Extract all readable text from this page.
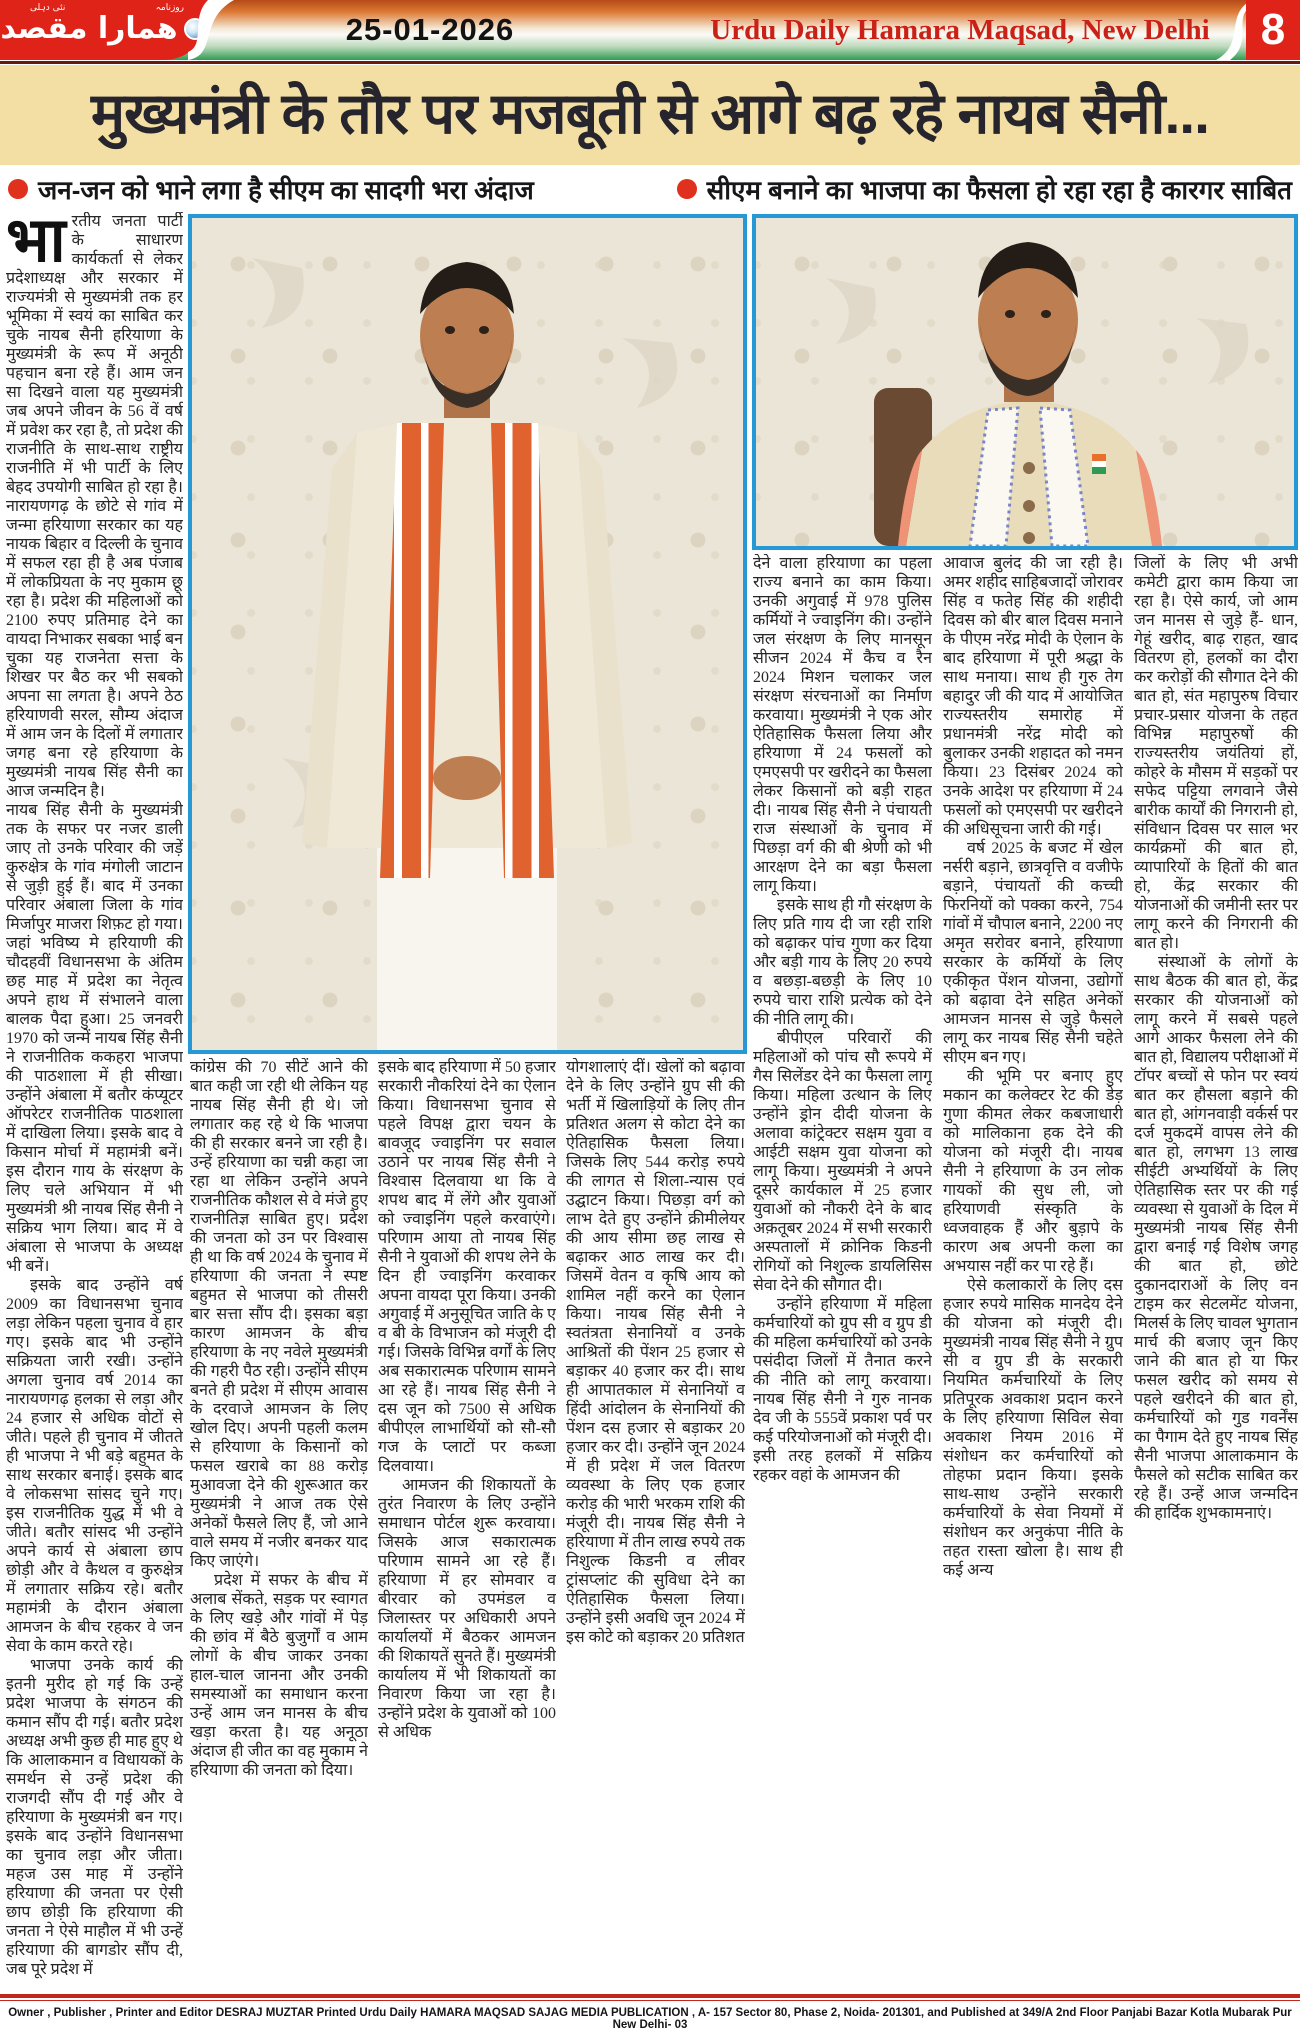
روزنامہ
نئی دہلی
ھمارا مقصد	25-01-2026	Urdu Daily Hamara Maqsad, New Delhi	8
मुख्यमंत्री के तौर पर मजबूती से आगे बढ़ रहे नायब सैनी...
जन-जन को भाने लगा है सीएम का सादगी भरा अंदाज	सीएम बनाने का भाजपा का फैसला हो रहा रहा है कारगर साबित

भारतीय जनता पार्टी के साधारण कार्यकर्ता से लेकर प्रदेशाध्यक्ष और सरकार में राज्यमंत्री से मुख्यमंत्री तक हर भूमिका में स्वयं का साबित कर चुके नायब सैनी हरियाणा के मुख्यमंत्री के रूप में अनूठी पहचान बना रहे हैं। आम जन सा दिखने वाला यह मुख्यमंत्री जब अपने जीवन के 56 वें वर्ष में प्रवेश कर रहा है, तो प्रदेश की राजनीति के साथ-साथ राष्ट्रीय राजनीति में भी पार्टी के लिए बेहद उपयोगी साबित हो रहा है। नारायणगढ़ के छोटे से गांव में जन्मा हरियाणा सरकार का यह नायक बिहार व दिल्ली के चुनाव में सफल रहा ही है अब पंजाब में लोकप्रियता के नए मुकाम छू रहा है। प्रदेश की महिलाओं को 2100 रुपए प्रतिमाह देने का वायदा निभाकर सबका भाई बन चुका यह राजनेता सत्ता के शिखर पर बैठ कर भी सबको अपना सा लगता है। अपने ठेठ हरियाणवी सरल, सौम्य अंदाज में आम जन के दिलों में लगातार जगह बना रहे हरियाणा के मुख्यमंत्री नायब सिंह सैनी का आज जन्मदिन है।

नायब सिंह सैनी के मुख्यमंत्री तक के सफर पर नजर डाली जाए तो उनके परिवार की जड़ें कुरुक्षेत्र के गांव मंगोली जाटान से जुड़ी हुई हैं। बाद में उनका परिवार अंबाला जिला के गांव मिर्जापुर माजरा शिफ़ट हो गया। जहां भविष्य मे हरियाणी की चौदहवीं विधानसभा के अंतिम छह माह में प्रदेश का नेतृत्व अपने हाथ में संभालने वाला बालक पैदा हुआ। 25 जनवरी 1970 को जन्में नायब सिंह सैनी ने राजनीतिक ककहरा भाजपा की पाठशाला में ही सीखा। उन्होंने अंबाला में बतौर कंप्यूटर ऑपरेटर राजनीतिक पाठशाला में दाखिला लिया। इसके बाद वे किसान मोर्चा में महामंत्री बनें। इस दौरान गाय के संरक्षण के लिए चले अभियान में भी मुख्यमंत्री श्री नायब सिंह सैनी ने सक्रिय भाग लिया। बाद में वे अंबाला से भाजपा के अध्यक्ष भी बनें।

इसके बाद उन्होंने वर्ष 2009 का विधानसभा चुनाव लड़ा लेकिन पहला चुनाव वे हार गए। इसके बाद भी उन्होंने सक्रियता जारी रखी। उन्होंने अगला चुनाव वर्ष 2014 का नारायणगढ़ हलका से लड़ा और 24 हजार से अधिक वोटों से जीते। पहले ही चुनाव में जीतते ही भाजपा ने भी बड़े बहुमत के साथ सरकार बनाई। इसके बाद वे लोकसभा सांसद चुने गए। इस राजनीतिक युद्ध में भी वे जीते। बतौर सांसद भी उन्होंने अपने कार्य से अंबाला छाप छोड़ी और वे कैथल व कुरुक्षेत्र में लगातार सक्रिय रहे। बतौर महामंत्री के दौरान अंबाला आमजन के बीच रहकर वे जन सेवा के काम करते रहे।

भाजपा उनके कार्य की इतनी मुरीद हो गई कि उन्हें प्रदेश भाजपा के संगठन की कमान सौंप दी गई। बतौर प्रदेश अध्यक्ष अभी कुछ ही माह हुए थे कि आलाकमान व विधायकों के समर्थन से उन्हें प्रदेश की राजगदी सौंप दी गई और वे हरियाणा के मुख्यमंत्री बन गए। इसके बाद उन्होंने विधानसभा का चुनाव लड़ा और जीता। महज उस माह में उन्होंने हरियाणा की जनता पर ऐसी छाप छोड़ी कि हरियाणा की जनता ने ऐसे माहौल में भी उन्हें हरियाणा की बागडोर सौंप दी, जब पूरे प्रदेश में

कांग्रेस की 70 सीटें आने की बात कही जा रही थी लेकिन यह नायब सिंह सैनी ही थे। जो लगातार कह रहे थे कि भाजपा की ही सरकार बनने जा रही है। उन्हें हरियाणा का चन्नी कहा जा रहा था लेकिन उन्होंने अपने राजनीतिक कौशल से वे मंजे हुए राजनीतिज्ञ साबित हुए। प्रदेश की जनता को उन पर विश्वास ही था कि वर्ष 2024 के चुनाव में हरियाणा की जनता ने स्पष्ट बहुमत से भाजपा को तीसरी बार सत्ता सौंप दी। इसका बड़ा कारण आमजन के बीच हरियाणा के नए नवेले मुख्यमंत्री की गहरी पैठ रही। उन्होंने सीएम बनते ही प्रदेश में सीएम आवास के दरवाजे आमजन के लिए खोल दिए। अपनी पहली कलम से हरियाणा के किसानों को फसल खराबे का 88 करोड़ मुआवजा देने की शुरूआत कर मुख्यमंत्री ने आज तक ऐसे अनेकों फैसले लिए हैं, जो आने वाले समय में नजीर बनकर याद किए जाएंगे।

प्रदेश में सफर के बीच में अलाब सेंकते, सड़क पर स्वागत के लिए खड़े और गांवों में पेड़ की छांव में बैठे बुजुर्गों व आम लोगों के बीच जाकर उनका हाल-चाल जानना और उनकी समस्याओं का समाधान करना उन्हें आम जन मानस के बीच खड़ा करता है। यह अनूठा अंदाज ही जीत का वह मुकाम ने हरियाणा की जनता को दिया।

इसके बाद हरियाणा में 50 हजार सरकारी नौकरियां देने का ऐलान किया। विधानसभा चुनाव से पहले विपक्ष द्वारा चयन के बावजूद ज्वाइनिंग पर सवाल उठाने पर नायब सिंह सैनी ने विश्वास दिलवाया था कि वे शपथ बाद में लेंगे और युवाओं को ज्वाइनिंग पहले करवाएंगे। परिणाम आया तो नायब सिंह सैनी ने युवाओं की शपथ लेने के दिन ही ज्वाइनिंग करवाकर अपना वायदा पूरा किया। उनकी अगुवाई में अनुसूचित जाति के ए व बी के विभाजन को मंजूरी दी गई। जिसके विभिन्न वर्गों के लिए अब सकारात्मक परिणाम सामने आ रहे हैं। नायब सिंह सैनी ने दस जून को 7500 से अधिक बीपीएल लाभार्थियों को सौ-सौ गज के प्लाटों पर कब्जा दिलवाया।

आमजन की शिकायतों के तुरंत निवारण के लिए उन्होंने समाधान पोर्टल शुरू करवाया। जिसके आज सकारात्मक परिणाम सामने आ रहे हैं। हरियाणा में हर सोमवार व बीरवार को उपमंडल व जिलास्तर पर अधिकारी अपने कार्यालयों में बैठकर आमजन की शिकायतें सुनते हैं। मुख्यमंत्री कार्यालय में भी शिकायतों का निवारण किया जा रहा है। उन्होंने प्रदेश के युवाओं को 100 से अधिक

योगशालाएं दीं। खेलों को बढ़ावा देने के लिए उन्होंने ग्रुप सी की भर्ती में खिलाड़ियों के लिए तीन प्रतिशत अलग से कोटा देने का ऐतिहासिक फैसला लिया। जिसके लिए 544 करोड़ रुपये की लागत से शिला-न्यास एवं उद्घाटन किया। पिछड़ा वर्ग को लाभ देते हुए उन्होंने क्रीमीलेयर की आय सीमा छह लाख से बढ़ाकर आठ लाख कर दी। जिसमें वेतन व कृषि आय को शामिल नहीं करने का ऐलान किया। नायब सिंह सैनी ने स्वतंत्रता सेनानियों व उनके आश्रितों की पेंशन 25 हजार से बड़ाकर 40 हजार कर दी। साथ ही आपातकाल में सेनानियों व हिंदी आंदोलन के सेनानियों की पेंशन दस हजार से बड़ाकर 20 हजार कर दी। उन्होंने जून 2024 में ही प्रदेश में जल वितरण व्यवस्था के लिए एक हजार करोड़ की भारी भरकम राशि की मंजूरी दी। नायब सिंह सैनी ने हरियाणा में तीन लाख रुपये तक निशुल्क किडनी व लीवर ट्रांसप्लांट की सुविधा देने का ऐतिहासिक फैसला लिया। उन्होंने इसी अवधि जून 2024 में इस कोटे को बड़ाकर 20 प्रतिशत

देने वाला हरियाणा का पहला राज्य बनाने का काम किया। उनकी अगुवाई में 978 पुलिस कर्मियों ने ज्वाइनिंग की। उन्होंने जल संरक्षण के लिए मानसून सीजन 2024 में कैच व रैन 2024 मिशन चलाकर जल संरक्षण संरचनाओं का निर्माण करवाया। मुख्यमंत्री ने एक ओर ऐतिहासिक फैसला लिया और हरियाणा में 24 फसलों को एमएसपी पर खरीदने का फैसला लेकर किसानों को बड़ी राहत दी। नायब सिंह सैनी ने पंचायती राज संस्थाओं के चुनाव में पिछड़ा वर्ग की बी श्रेणी को भी आरक्षण देने का बड़ा फैसला लागू किया।

इसके साथ ही गौ संरक्षण के लिए प्रति गाय दी जा रही राशि को बढ़ाकर पांच गुणा कर दिया और बड़ी गाय के लिए 20 रुपये व बछड़ा-बछड़ी के लिए 10 रुपये चारा राशि प्रत्येक को देने की नीति लागू की।

बीपीएल परिवारों की महिलाओं को पांच सौ रूपये में गैस सिलेंडर देने का फैसला लागू किया। महिला उत्थान के लिए उन्होंने ड्रोन दीदी योजना के अलावा कांट्रेक्टर सक्षम युवा व आईटी सक्षम युवा योजना को लागू किया। मुख्यमंत्री ने अपने दूसरे कार्यकाल में 25 हजार युवाओं को नौकरी देने के बाद अक़तूबर 2024 में सभी सरकारी अस्पतालों में क्रोनिक किडनी रोगियों को निशुल्क डायलिसिस सेवा देने की सौगात दी।

उन्होंने हरियाणा में महिला कर्मचारियों को ग्रुप सी व ग्रुप डी की महिला कर्मचारियों को उनके पसंदीदा जिलों में तैनात करने की नीति को लागू करवाया। नायब सिंह सैनी ने गुरु नानक देव जी के 555वें प्रकाश पर्व पर कई परियोजनाओं को मंजूरी दी। इसी तरह हलकों में सक्रिय रहकर वहां के आमजन की

आवाज बुलंद की जा रही है। अमर शहीद साहिबजादों जोरावर सिंह व फतेह सिंह की शहीदी दिवस को बीर बाल दिवस मनाने के पीएम नरेंद्र मोदी के ऐलान के बाद हरियाणा में पूरी श्रद्धा के साथ मनाया। साथ ही गुरु तेग बहादुर जी की याद में आयोजित राज्यस्तरीय समारोह में प्रधानमंत्री नरेंद्र मोदी को बुलाकर उनकी शहादत को नमन किया। 23 दिसंबर 2024 को उनके आदेश पर हरियाणा में 24 फसलों को एमएसपी पर खरीदने की अधिसूचना जारी की गई।

वर्ष 2025 के बजट में खेल नर्सरी बड़ाने, छात्रवृत्ति व वजीफे बड़ाने, पंचायतों की कच्ची फिरनियों को पक्का करने, 754 गांवों में चौपाल बनाने, 2200 नए अमृत सरोवर बनाने, हरियाणा सरकार के कर्मियों के लिए एकीकृत पेंशन योजना, उद्योगों को बढ़ावा देने सहित अनेकों आमजन मानस से जुड़े फैसले लागू कर नायब सिंह सैनी चहेते सीएम बन गए।

की भूमि पर बनाए हुए मकान का कलेक्टर रेट की डेड़ गुणा कीमत लेकर कबजाधारी को मालिकाना हक देने की योजना को मंजूरी दी। नायब सैनी ने हरियाणा के उन लोक गायकों की सुध ली, जो हरियाणवी संस्कृति के ध्वजवाहक हैं और बुड़ापे के कारण अब अपनी कला का अभयास नहीं कर पा रहे हैं।

ऐसे कलाकारों के लिए दस हजार रुपये मासिक मानदेय देने की योजना को मंजूरी दी। मुख्यमंत्री नायब सिंह सैनी ने ग्रुप सी व ग्रुप डी के सरकारी नियमित कर्मचारियों के लिए प्रतिपूरक अवकाश प्रदान करने के लिए हरियाणा सिविल सेवा अवकाश नियम 2016 में संशोधन कर कर्मचारियों को तोहफा प्रदान किया। इसके साथ-साथ उन्होंने सरकारी कर्मचारियों के सेवा नियमों में संशोधन कर अनुकंपा नीति के तहत रास्ता खोला है। साथ ही कई अन्य

जिलों के लिए भी अभी कमेटी द्वारा काम किया जा रहा है। ऐसे कार्य, जो आम जन मानस से जुड़े हैं- धान, गेहूं खरीद, बाढ़ राहत, खाद वितरण हो, हलकों का दौरा कर करोड़ों की सौगात देने की बात हो, संत महापुरुष विचार प्रचार-प्रसार योजना के तहत विभिन्न महापुरुषों की राज्यस्तरीय जयंतियां हों, कोहरे के मौसम में सड़कों पर सफेद पट्टिया लगवाने जैसे बारीक कार्यों की निगरानी हो, संविधान दिवस पर साल भर कार्यक्रमों की बात हो, व्यापारियों के हितों की बात हो, केंद्र सरकार की योजनाओं की जमीनी स्तर पर लागू करने की निगरानी की बात हो।

संस्थाओं के लोगों के साथ बैठक की बात हो, केंद्र सरकार की योजनाओं को लागू करने में सबसे पहले आगे आकर फैसला लेने की बात हो, विद्यालय परीक्षाओं में टॉपर बच्चों से फोन पर स्वयं बात कर हौसला बड़ाने की बात हो, आंगनवाड़ी वर्कर्स पर दर्ज मुकदमें वापस लेने की बात हो, लगभग 13 लाख सीईटी अभ्यर्थियों के लिए ऐतिहासिक स्तर पर की गई व्यवस्था से युवाओं के दिल में मुख्यमंत्री नायब सिंह सैनी द्वारा बनाई गई विशेष जगह की बात हो, छोटे दुकानदाराओं के लिए वन टाइम कर सेटलमेंट योजना, मिलर्स के लिए चावल भुगतान मार्च की बजाए जून किए जाने की बात हो या फिर फसल खरीद को समय से पहले खरीदने की बात हो, कर्मचारियों को गुड गवर्नेंस का पैगाम देते हुए नायब सिंह सैनी भाजपा आलाकमान के फैसले को सटीक साबित कर रहे हैं। उन्हें आज जन्मदिन की हार्दिक शुभकामनाएं।

Owner , Publisher , Printer and Editor DESRAJ MUZTAR Printed Urdu Daily HAMARA MAQSAD SAJAG MEDIA PUBLICATION , A- 157 Sector 80, Phase 2, Noida- 201301, and Published at 349/A 2nd Floor Panjabi Bazar Kotla Mubarak Pur New Delhi- 03
